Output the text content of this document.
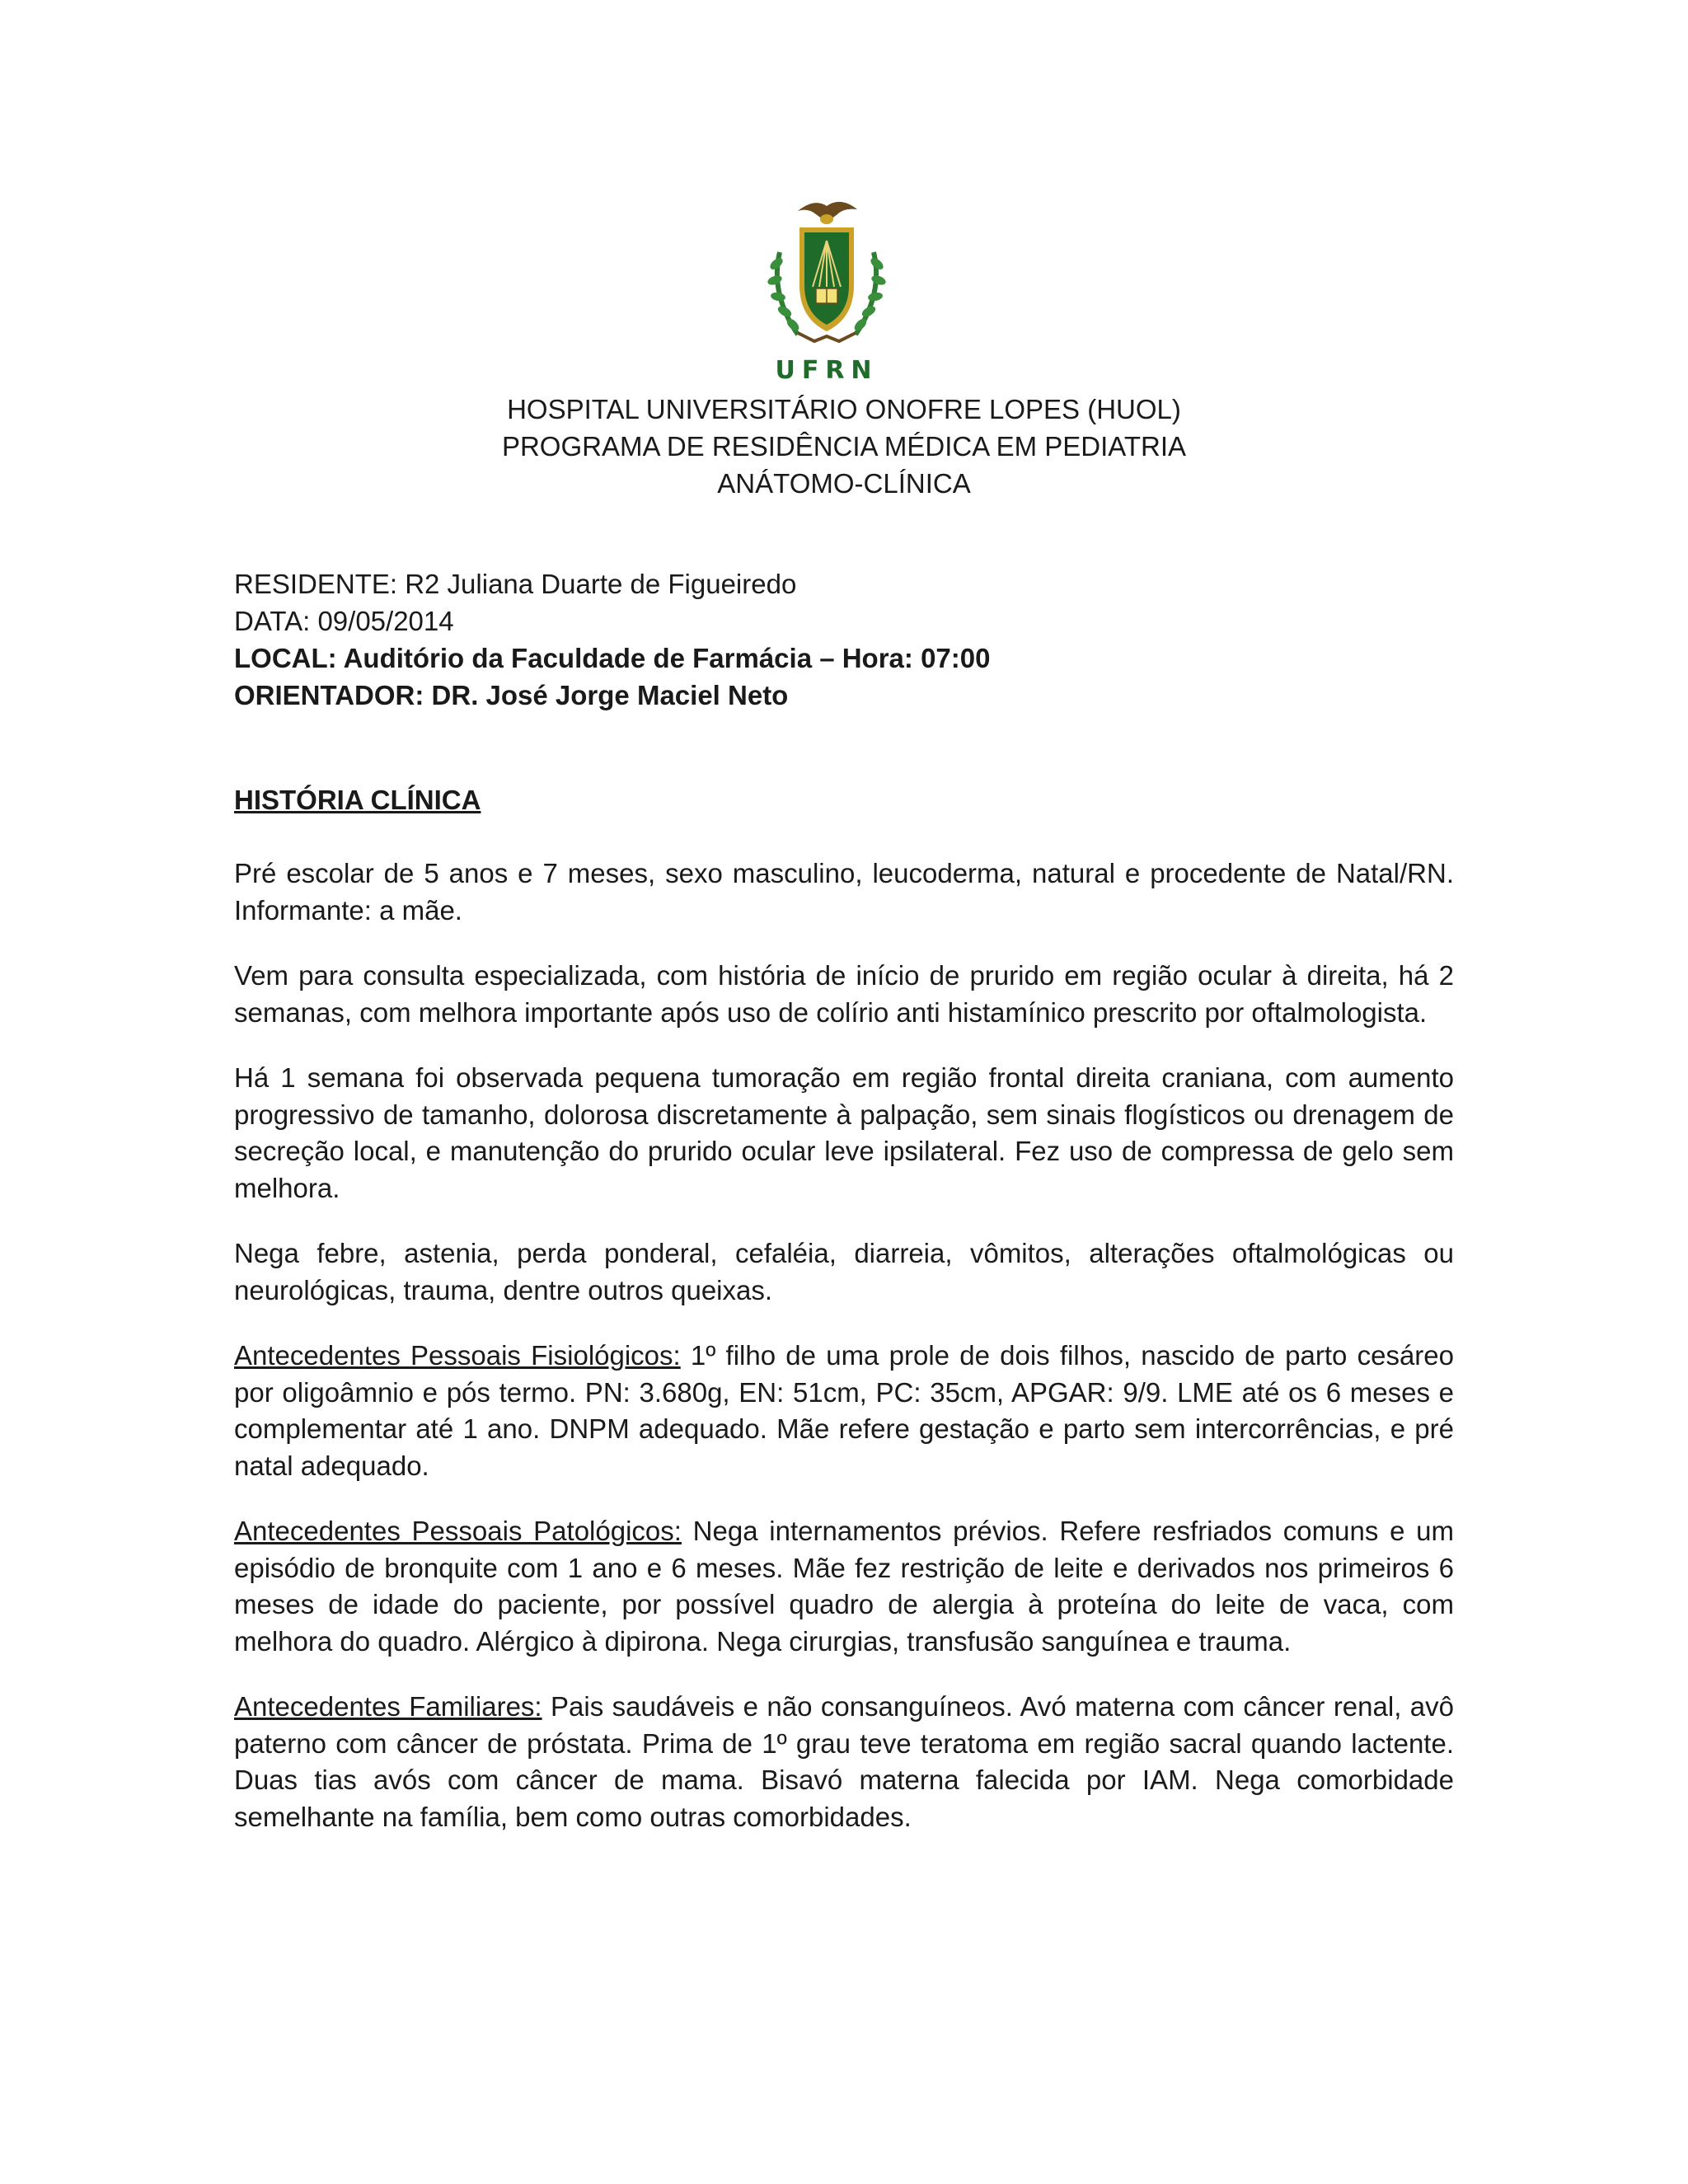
UFRN
HOSPITAL UNIVERSITÁRIO ONOFRE LOPES (HUOL)
PROGRAMA DE RESIDÊNCIA MÉDICA EM PEDIATRIA
ANÁTOMO-CLÍNICA
RESIDENTE: R2 Juliana Duarte de Figueiredo
DATA: 09/05/2014
LOCAL: Auditório da Faculdade de Farmácia – Hora: 07:00
ORIENTADOR: DR. José Jorge Maciel Neto
HISTÓRIA CLÍNICA

Pré escolar de 5 anos e 7 meses, sexo masculino, leucoderma, natural e procedente de Natal/RN. Informante: a mãe.

Vem para consulta especializada, com história de início de prurido em região ocular à direita, há 2 semanas, com melhora importante após uso de colírio anti histamínico prescrito por oftalmologista.

Há 1 semana foi observada pequena tumoração em região frontal direita craniana, com aumento progressivo de tamanho, dolorosa discretamente à palpação, sem sinais flogísticos ou drenagem de secreção local, e manutenção do prurido ocular leve ipsilateral. Fez uso de compressa de gelo sem melhora.

Nega febre, astenia, perda ponderal, cefaléia, diarreia, vômitos, alterações oftalmológicas ou neurológicas, trauma, dentre outros queixas.

Antecedentes Pessoais Fisiológicos: 1º filho de uma prole de dois filhos, nascido de parto cesáreo por oligoâmnio e pós termo. PN: 3.680g, EN: 51cm, PC: 35cm, APGAR: 9/9. LME até os 6 meses e complementar até 1 ano. DNPM adequado. Mãe refere gestação e parto sem intercorrências, e pré natal adequado.

Antecedentes Pessoais Patológicos: Nega internamentos prévios. Refere resfriados comuns e um episódio de bronquite com 1 ano e 6 meses. Mãe fez restrição de leite e derivados nos primeiros 6 meses de idade do paciente, por possível quadro de alergia à proteína do leite de vaca, com melhora do quadro. Alérgico à dipirona. Nega cirurgias, transfusão sanguínea e trauma.

Antecedentes Familiares: Pais saudáveis e não consanguíneos. Avó materna com câncer renal, avô paterno com câncer de próstata. Prima de 1º grau teve teratoma em região sacral quando lactente. Duas tias avós com câncer de mama. Bisavó materna falecida por IAM. Nega comorbidade semelhante na família, bem como outras comorbidades.
